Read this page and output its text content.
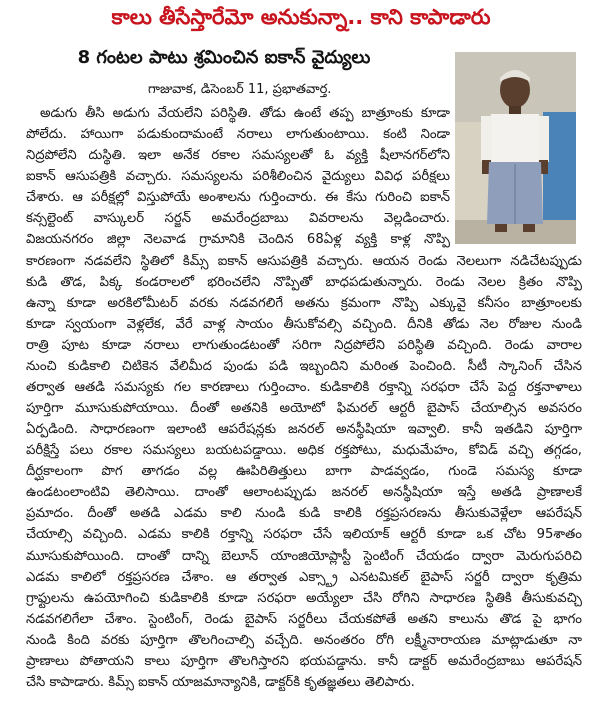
కాలు తీసేస్తారేమో అనుకున్నా.. కాని కాపాడారు
8 గంటల పాటు శ్రమించిన ఐకాన్ వైద్యులు
గాజువాక, డిసెంబర్ 11, ప్రభాతవార్త.
అడుగు తీసి అడుగు వేయలేని పరిస్థితి. తోడు ఉంటే తప్ప బాత్రూంకు కూడా
పోలేదు. హాయిగా పడుకుందామంటే నరాలు లాగుతుంటాయి. కంటి నిండా
నిద్రపోలేని దుస్థితి. ఇలా అనేక రకాల సమస్యలతో ఓ వ్యక్తి షీలానగర్‌లోని
ఐకాన్ ఆసుపత్రికి వచ్చారు. సమస్యలను పరిశీలించిన వైద్యులు వివిధ పరీక్షలు
చేశారు. ఆ పరీక్షల్లో విస్తుపోయే అంశాలను గుర్తించారు. ఈ కేసు గురించి ఐకాన్
కన్సల్టెంట్ వాస్కులర్ సర్జన్ అమరేంద్రబాబు వివరాలను వెల్లడించారు.
విజయనగరం జిల్లా నెలవాడ గ్రామానికి చెందిన 68ఏళ్ల వ్యక్తి కాళ్ల నొప్పి
కారణంగా నడవలేని స్థితిలో కిమ్స్ ఐకాన్ ఆసుపత్రికి వచ్చారు. ఆయన రెండు నెలలుగా నడిచేటప్పుడు
కుడి తొడ, పిక్క కండరాలలో భరించలేని నొప్పితో బాధపడుతున్నారు. రెండు నెలల క్రితం నొప్పి
ఉన్నా కూడా అరకిలోమీటర్ వరకు నడవగలిగే అతను క్రమంగా నొప్పి ఎక్కువై కనీసం బాత్రూంలకు
కూడా స్వయంగా వెళ్లలేక, వేరే వాళ్ల సాయం తీసుకోవల్సి వచ్చింది. దీనికి తోడు నెల రోజుల నుండి
రాత్రి పూట కూడా నరాలు లాగుతుండటంతో సరిగా నిద్రపోలేని పరిస్థితి వచ్చింది. రెండు వారాల
నుంచి కుడికాలి చిటికెన వేలిమీద పుండు పడి ఇబ్బందిని మరింత పెంచింది. సీటీ స్కానింగ్ చేసిన
తర్వాత ఆతడి సమస్యకు గల కారణాలు గుర్తించాం. కుడికాలికి రక్తాన్ని సరఫరా చేసే పెద్ద రక్తనాళాలు
పూర్తిగా మూసుకుపోయాయి. దీంతో అతనికి అయోటో ఫిమరల్ ఆర్టరీ బైపాస్ చేయాల్సిన అవసరం
ఏర్పడింది. సాధారణంగా ఇలాంటి ఆపరేషన్లకు జనరల్ అనస్థీషియా ఇవ్వాలి. కానీ ఇతడిని పూర్తిగా
పరీక్షిస్తే పలు రకాల సమస్యలు బయటపడ్డాయి. అధిక రక్తపోటు, మధుమేహం, కోవిడ్ వచ్చి తగ్గడం,
దీర్ఘకాలంగా పొగ తాగడం వల్ల ఊపిరితిత్తులు బాగా పాడవ్వడం, గుండె సమస్య కూడా
ఉండటంలాంటివి తెలిసాయి. దాంతో ఆలాంటప్పుడు జనరల్ అనస్థీషియా ఇస్తే అతడి ప్రాణాలకే
ప్రమాదం. దీంతో అతడి ఎడమ కాలి నుండి కుడి కాలికి రక్తప్రసరణను తీసుకువెళ్లేలా ఆపరేషన్
చేయాల్సి వచ్చింది. ఎడమ కాలికి రక్తాన్ని సరఫరా చేసే ఇలియాక్ ఆర్టరీ కూడా ఒక చోట 95శాతం
మూసుకుపోయింది. దాంతో దాన్ని బెలూన్ యాంజియోప్లాస్టీ స్టెంటింగ్ చేయడం ద్వారా మెరుగుపరిచి
ఎడమ కాలిలో రక్తప్రసరణ చేశాం. ఆ తర్వాత ఎక్స్ట్రా ఎనటమికల్ బైపాస్ సర్జరీ ద్వారా కృత్రిమ
గ్రాఫ్టులను ఉపయోగించి కుడికాలికి కూడా సరఫరా అయ్యేలా చేసి రోగిని సాధారణ స్థితికి తీసుకువచ్చి
నడవగలిగేలా చేశాం. స్టెంటింగ్, రెండు బైపాస్ సర్జరీలు చేయకపోతే అతని కాలును తొడ పై భాగం
నుండి కింది వరకు పూర్తిగా తొలగించాల్సి వచ్చేది. అనంతరం రోగి లక్ష్మీనారాయణ మాట్లాడుతూ నా
ప్రాణాలు పోతాయని కాలు పూర్తిగా తొలగిస్తారని భయపడ్డాను. కానీ డాక్టర్ అమరేంద్రబాబు ఆపరేషన్
చేసి కాపాడారు. కిమ్స్ ఐకాన్ యాజమాన్యానికి, డాక్టర్‌కి కృతజ్ఞతలు తెలిపారు.
